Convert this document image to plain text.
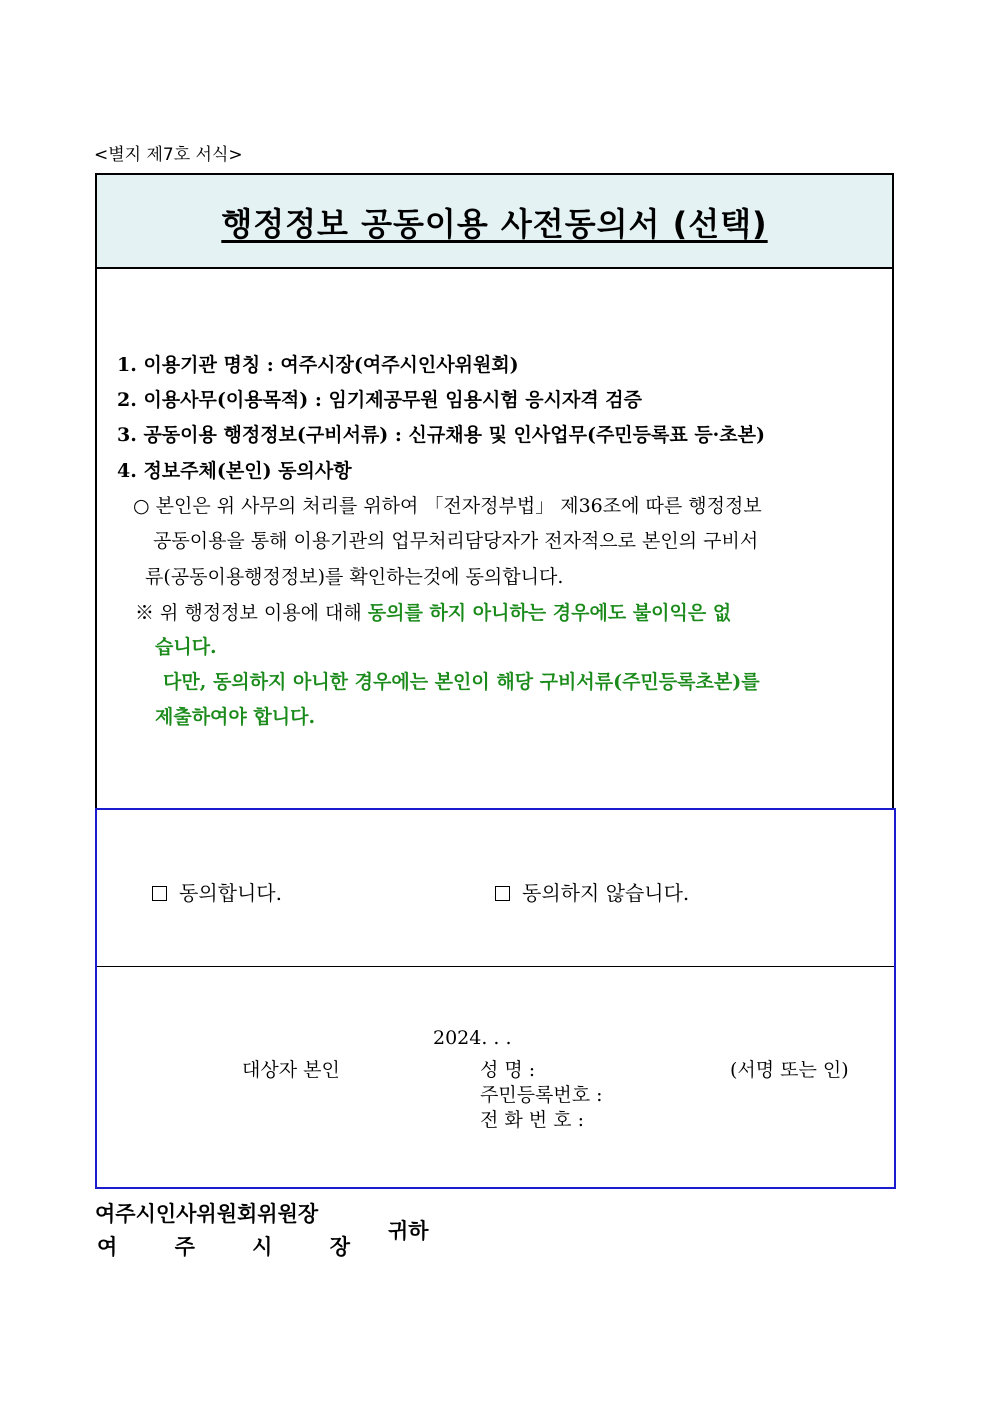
<별지 제7호 서식>
행정정보 공동이용 사전동의서 (선택)
1. 이용기관 명칭 : 여주시장(여주시인사위원회)
2. 이용사무(이용목적) : 임기제공무원 임용시험 응시자격 검증
3. 공동이용 행정정보(구비서류) : 신규채용 및 인사업무(주민등록표 등·초본)
4. 정보주체(본인) 동의사항
○ 본인은 위 사무의 처리를 위하여 「전자정부법」 제36조에 따른 행정정보
공동이용을 통해 이용기관의 업무처리담당자가 전자적으로 본인의 구비서
류(공동이용행정정보)를 확인하는것에 동의합니다.
※ 위 행정정보 이용에 대해 동의를 하지 아니하는 경우에도 불이익은 없
습니다.
다만, 동의하지 아니한 경우에는 본인이 해당 구비서류(주민등록초본)를
제출하여야 합니다.
동의합니다.	동의하지 않습니다.
2024. . .
대상자 본인	성 명 :	(서명 또는 인)
주민등록번호 :
전 화 번 호 :
여주시인사위원회위원장
여	주	시	장
귀하
